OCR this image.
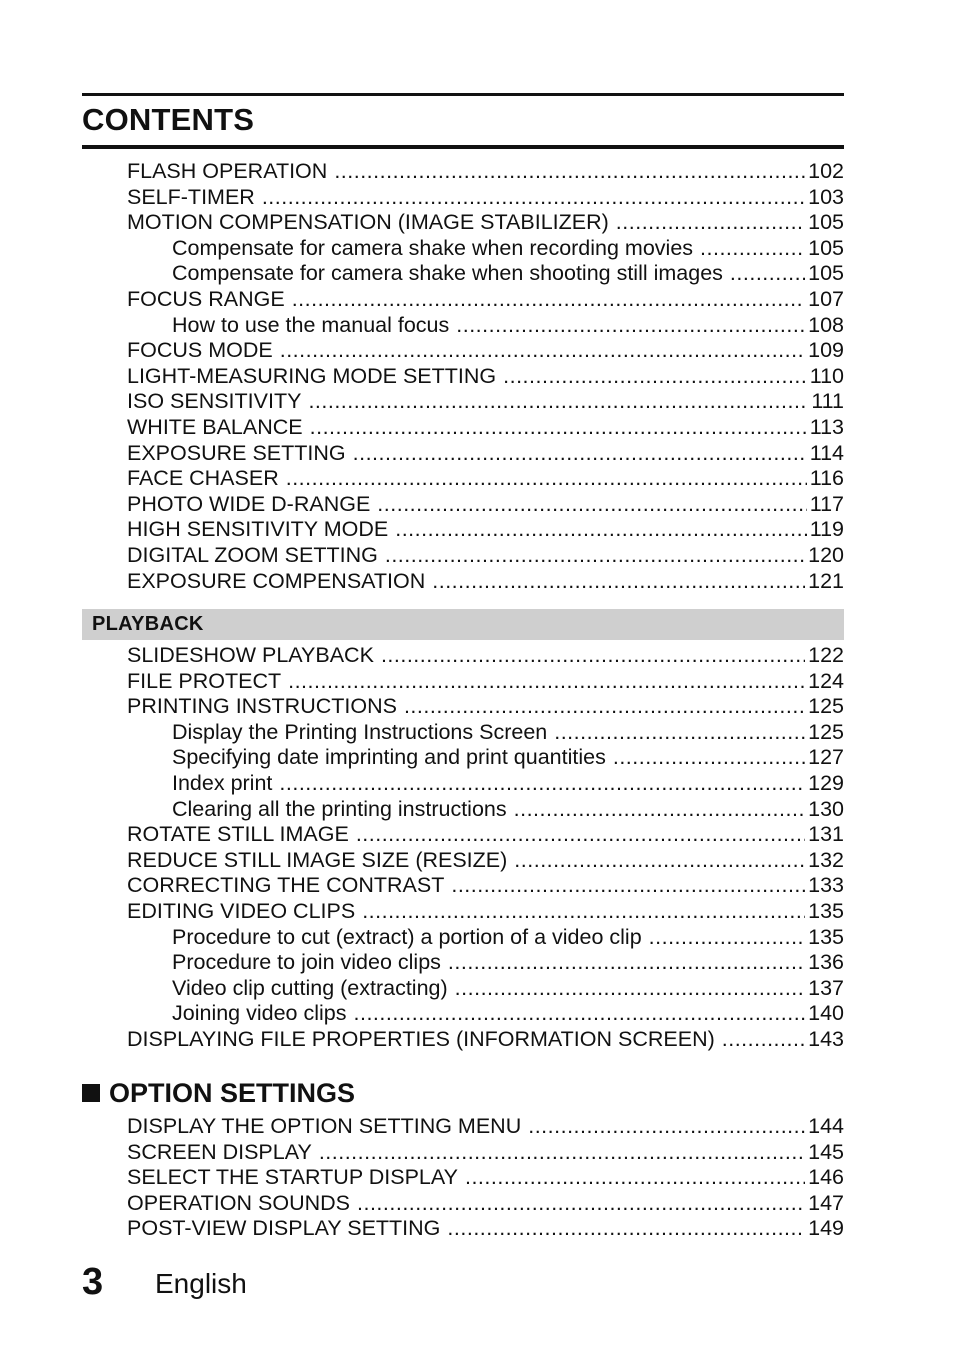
CONTENTS
FLASH OPERATION .....	102
SELF-TIMER .....	103
MOTION COMPENSATION (IMAGE STABILIZER) .....	105
Compensate for camera shake when recording movies .....	105
Compensate for camera shake when shooting still images .....	105
FOCUS RANGE .....	107
How to use the manual focus .....	108
FOCUS MODE .....	109
LIGHT-MEASURING MODE SETTING .....	110
ISO SENSITIVITY .....	111
WHITE BALANCE .....	113
EXPOSURE SETTING .....	114
FACE CHASER .....	116
PHOTO WIDE D-RANGE .....	117
HIGH SENSITIVITY MODE .....	119
DIGITAL ZOOM SETTING .....	120
EXPOSURE COMPENSATION .....	121
PLAYBACK
SLIDESHOW PLAYBACK .....	122
FILE PROTECT .....	124
PRINTING INSTRUCTIONS .....	125
Display the Printing Instructions Screen .....	125
Specifying date imprinting and print quantities .....	127
Index print .....	129
Clearing all the printing instructions .....	130
ROTATE STILL IMAGE .....	131
REDUCE STILL IMAGE SIZE (RESIZE) .....	132
CORRECTING THE CONTRAST .....	133
EDITING VIDEO CLIPS .....	135
Procedure to cut (extract) a portion of a video clip .....	135
Procedure to join video clips .....	136
Video clip cutting (extracting) .....	137
Joining video clips .....	140
DISPLAYING FILE PROPERTIES (INFORMATION SCREEN) .....	143
OPTION SETTINGS
DISPLAY THE OPTION SETTING MENU .....	144
SCREEN DISPLAY .....	145
SELECT THE STARTUP DISPLAY .....	146
OPERATION SOUNDS .....	147
POST-VIEW DISPLAY SETTING .....	149
3 English
